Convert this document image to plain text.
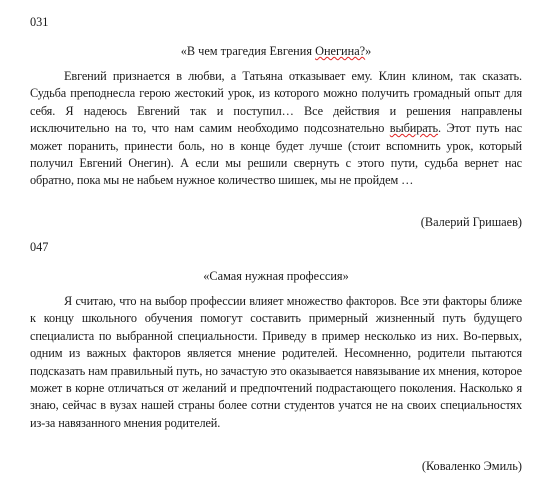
031

«В чем трагедия Евгения Онегина?»

Евгений признается в любви, а Татьяна отказывает ему. Клин клином, так сказать. Судьба преподнесла герою жестокий урок, из которого можно получить громадный опыт для себя. Я надеюсь Евгений так и поступил… Все действия и решения направлены исключительно на то, что нам самим необходимо подсознательно выбирать. Этот путь нас может поранить, принести боль, но в конце будет лучше (стоит вспомнить урок, который получил Евгений Онегин). А если мы решили свернуть с этого пути, судьба вернет нас обратно, пока мы не набьем нужное количество шишек, мы не пройдем …

(Валерий Гришаев)

047

«Самая нужная профессия»

Я считаю, что на выбор профессии влияет множество факторов. Все эти факторы ближе к концу школьного обучения помогут составить примерный жизненный путь будущего специалиста по выбранной специальности. Приведу в пример несколько из них. Во-первых, одним из важных факторов является мнение родителей. Несомненно, родители пытаются подсказать нам правильный путь, но зачастую это оказывается навязывание их мнения, которое может в корне отличаться от желаний и предпочтений подрастающего поколения. Насколько я знаю, сейчас в вузах нашей страны более сотни студентов учатся не на своих специальностях из-за навязанного мнения родителей.

(Коваленко Эмиль)
